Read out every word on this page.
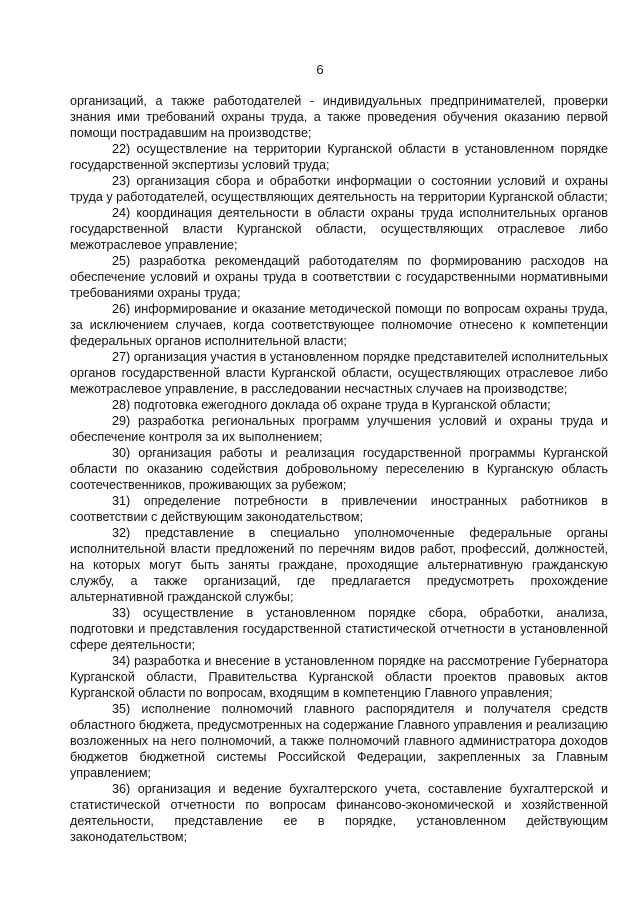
6

организаций, а также работодателей - индивидуальных предпринимателей, проверки знания ими требований охраны труда, а также проведения обучения оказанию первой помощи пострадавшим на производстве;

22) осуществление на территории Курганской области в установленном порядке государственной экспертизы условий труда;

23) организация сбора и обработки информации о состоянии условий и охраны труда у работодателей, осуществляющих деятельность на территории Курганской области;

24) координация деятельности в области охраны труда исполнительных органов государственной власти Курганской области, осуществляющих отраслевое либо межотраслевое управление;

25) разработка рекомендаций работодателям по формированию расходов на обеспечение условий и охраны труда в соответствии с государственными нормативными требованиями охраны труда;

26) информирование и оказание методической помощи по вопросам охраны труда, за исключением случаев, когда соответствующее полномочие отнесено к компетенции федеральных органов исполнительной власти;

27) организация участия в установленном порядке представителей исполнительных органов государственной власти Курганской области, осуществляющих отраслевое либо межотраслевое управление, в расследовании несчастных случаев на производстве;

28) подготовка ежегодного доклада об охране труда в Курганской области;

29) разработка региональных программ улучшения условий и охраны труда и обеспечение контроля за их выполнением;

30) организация работы и реализация государственной программы Курганской области по оказанию содействия добровольному переселению в Курганскую область соотечественников, проживающих за рубежом;

31) определение потребности в привлечении иностранных работников в соответствии с действующим законодательством;

32) представление в специально уполномоченные федеральные органы исполнительной власти предложений по перечням видов работ, профессий, должностей, на которых могут быть заняты граждане, проходящие альтернативную гражданскую службу, а также организаций, где предлагается предусмотреть прохождение альтернативной гражданской службы;

33) осуществление в установленном порядке сбора, обработки, анализа, подготовки и представления государственной статистической отчетности в установленной сфере деятельности;

34) разработка и внесение в установленном порядке на рассмотрение Губернатора Курганской области, Правительства Курганской области проектов правовых актов Курганской области по вопросам, входящим в компетенцию Главного управления;

35) исполнение полномочий главного распорядителя и получателя средств областного бюджета, предусмотренных на содержание Главного управления и реализацию возложенных на него полномочий, а также полномочий главного администратора доходов бюджетов бюджетной системы Российской Федерации, закрепленных за Главным управлением;

36) организация и ведение бухгалтерского учета, составление бухгалтерской и статистической отчетности по вопросам финансово-экономической и хозяйственной деятельности, представление ее в порядке, установленном действующим законодательством;
